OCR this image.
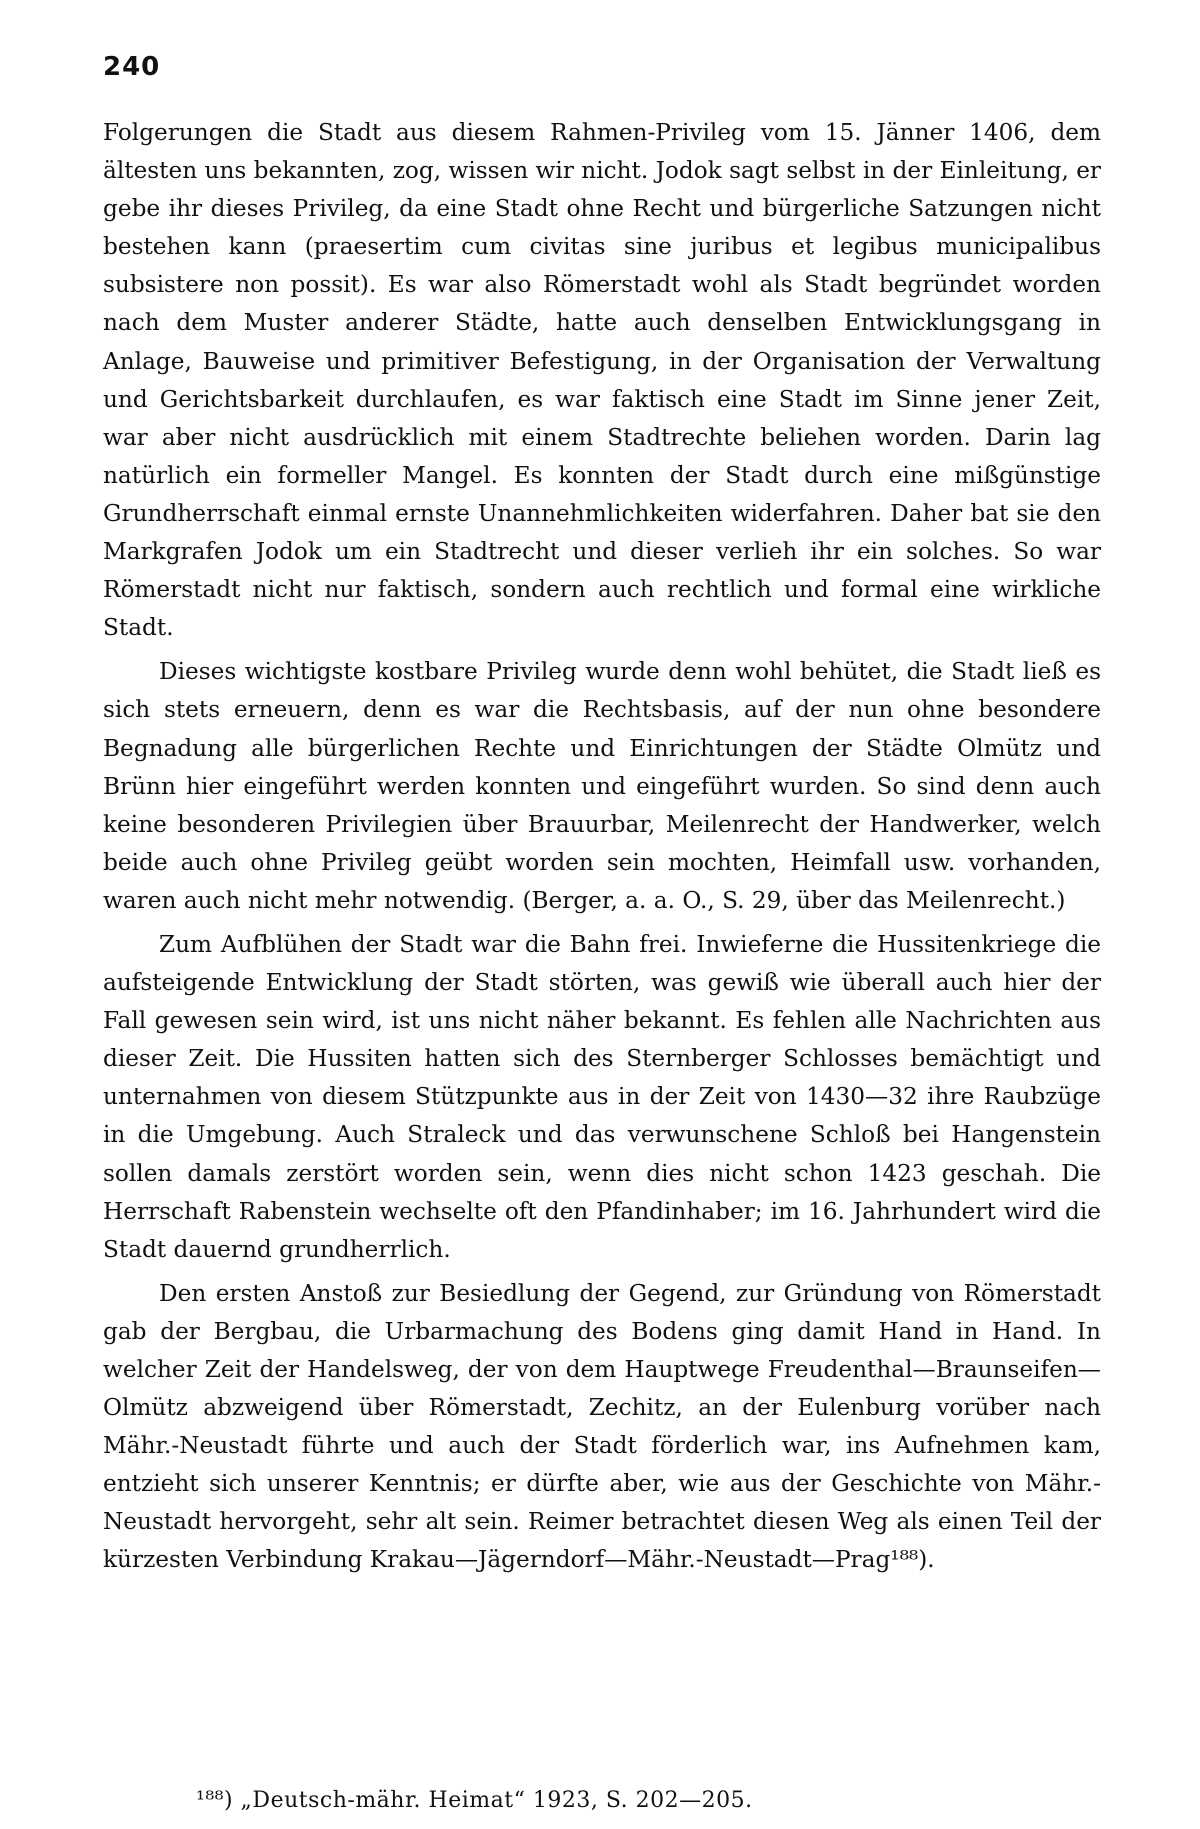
240

Folgerungen die Stadt aus diesem Rahmen-Privileg vom 15. Jänner 1406, dem ältesten uns bekannten, zog, wissen wir nicht. Jodok sagt selbst in der Einleitung, er gebe ihr dieses Privileg, da eine Stadt ohne Recht und bürgerliche Satzungen nicht bestehen kann (praesertim cum civitas sine juribus et legibus municipalibus subsistere non possit). Es war also Römerstadt wohl als Stadt begründet worden nach dem Muster anderer Städte, hatte auch denselben Entwicklungsgang in Anlage, Bauweise und primitiver Befestigung, in der Organisation der Verwaltung und Gerichtsbarkeit durchlaufen, es war faktisch eine Stadt im Sinne jener Zeit, war aber nicht ausdrücklich mit einem Stadtrechte beliehen worden. Darin lag natürlich ein formeller Mangel. Es konnten der Stadt durch eine mißgünstige Grundherrschaft einmal ernste Unannehmlichkeiten widerfahren. Daher bat sie den Markgrafen Jodok um ein Stadtrecht und dieser verlieh ihr ein solches. So war Römerstadt nicht nur faktisch, sondern auch rechtlich und formal eine wirkliche Stadt.

Dieses wichtigste kostbare Privileg wurde denn wohl behütet, die Stadt ließ es sich stets erneuern, denn es war die Rechtsbasis, auf der nun ohne besondere Begnadung alle bürgerlichen Rechte und Einrichtungen der Städte Olmütz und Brünn hier eingeführt werden konnten und eingeführt wurden. So sind denn auch keine besonderen Privilegien über Brauurbar, Meilenrecht der Handwerker, welch beide auch ohne Privileg geübt worden sein mochten, Heimfall usw. vorhanden, waren auch nicht mehr notwendig. (Berger, a. a. O., S. 29, über das Meilenrecht.)

Zum Aufblühen der Stadt war die Bahn frei. Inwieferne die Hussitenkriege die aufsteigende Entwicklung der Stadt störten, was gewiß wie überall auch hier der Fall gewesen sein wird, ist uns nicht näher bekannt. Es fehlen alle Nachrichten aus dieser Zeit. Die Hussiten hatten sich des Sternberger Schlosses bemächtigt und unternahmen von diesem Stützpunkte aus in der Zeit von 1430—32 ihre Raubzüge in die Umgebung. Auch Straleck und das verwunschene Schloß bei Hangenstein sollen damals zerstört worden sein, wenn dies nicht schon 1423 geschah. Die Herrschaft Rabenstein wechselte oft den Pfandinhaber; im 16. Jahrhundert wird die Stadt dauernd grundherrlich.

Den ersten Anstoß zur Besiedlung der Gegend, zur Gründung von Römerstadt gab der Bergbau, die Urbarmachung des Bodens ging damit Hand in Hand. In welcher Zeit der Handelsweg, der von dem Hauptwege Freudenthal—Braunseifen—Olmütz abzweigend über Römerstadt, Zechitz, an der Eulenburg vorüber nach Mähr.-Neustadt führte und auch der Stadt förderlich war, ins Aufnehmen kam, entzieht sich unserer Kenntnis; er dürfte aber, wie aus der Geschichte von Mähr.-Neustadt hervorgeht, sehr alt sein. Reimer betrachtet diesen Weg als einen Teil der kürzesten Verbindung Krakau—Jägerndorf—Mähr.-Neustadt—Prag¹⁸⁸).

¹⁸⁸) „Deutsch-mähr. Heimat“ 1923, S. 202—205.
